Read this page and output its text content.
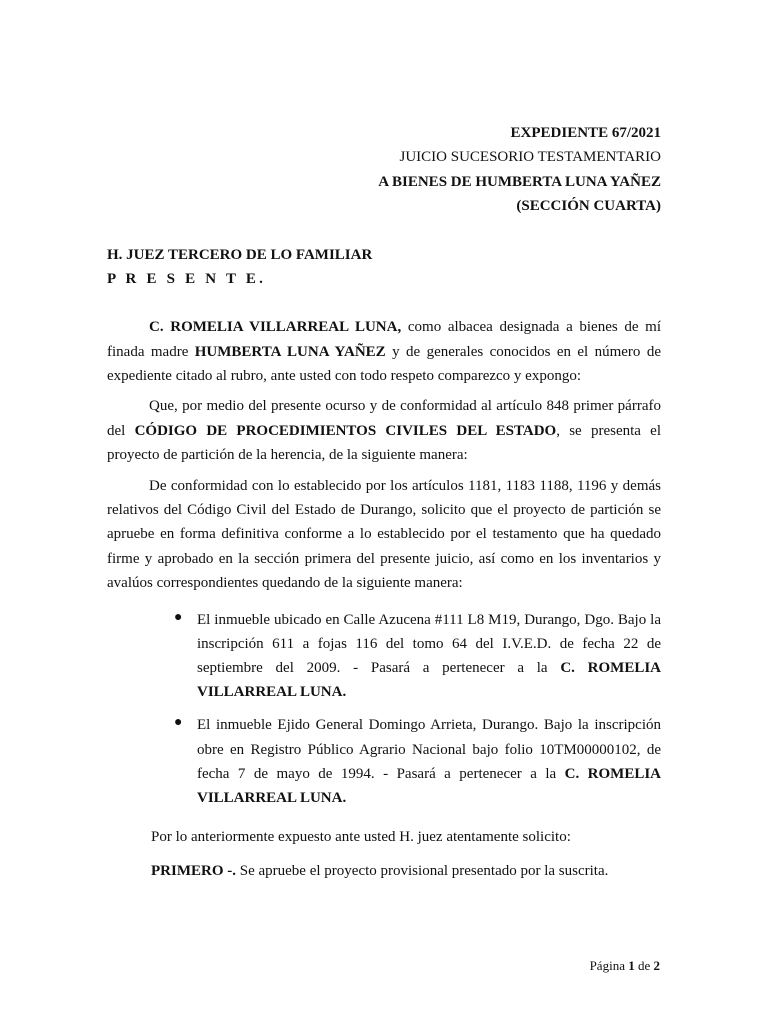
EXPEDIENTE 67/2021
JUICIO SUCESORIO TESTAMENTARIO
A BIENES DE HUMBERTA LUNA YAÑEZ
(SECCIÓN CUARTA)
H. JUEZ TERCERO DE LO FAMILIAR
P R E S E N T E.

C. ROMELIA VILLARREAL LUNA, como albacea designada a bienes de mí finada madre HUMBERTA LUNA YAÑEZ y de generales conocidos en el número de expediente citado al rubro, ante usted con todo respeto comparezco y expongo:

Que, por medio del presente ocurso y de conformidad al artículo 848 primer párrafo del CÓDIGO DE PROCEDIMIENTOS CIVILES DEL ESTADO, se presenta el proyecto de partición de la herencia, de la siguiente manera:

De conformidad con lo establecido por los artículos 1181, 1183 1188, 1196 y demás relativos del Código Civil del Estado de Durango, solicito que el proyecto de partición se apruebe en forma definitiva conforme a lo establecido por el testamento que ha quedado firme y aprobado en la sección primera del presente juicio, así como en los inventarios y avalúos correspondientes quedando de la siguiente manera:

● El inmueble ubicado en Calle Azucena #111 L8 M19, Durango, Dgo. Bajo la inscripción 611 a fojas 116 del tomo 64 del I.V.E.D. de fecha 22 de septiembre del 2009. - Pasará a pertenecer a la C. ROMELIA VILLARREAL LUNA.
● El inmueble Ejido General Domingo Arrieta, Durango. Bajo la inscripción obre en Registro Público Agrario Nacional bajo folio 10TM00000102, de fecha 7 de mayo de 1994. - Pasará a pertenecer a la C. ROMELIA VILLARREAL LUNA.

Por lo anteriormente expuesto ante usted H. juez atentamente solicito:

PRIMERO -. Se apruebe el proyecto provisional presentado por la suscrita.

Página 1 de 2
